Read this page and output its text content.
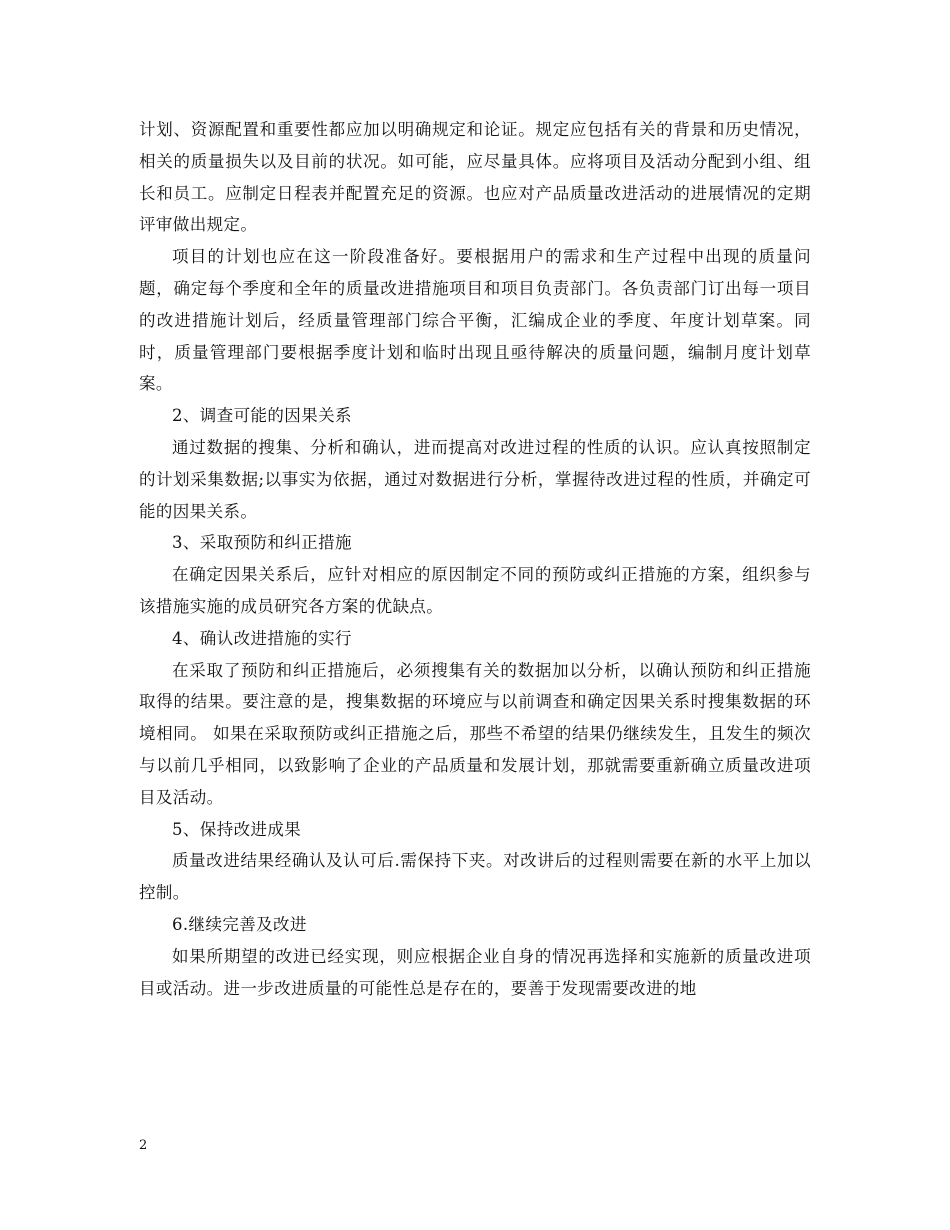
计划、资源配置和重要性都应加以明确规定和论证。规定应包括有关的背景和历史情况，相关的质量损失以及目前的状况。如可能，应尽量具体。应将项目及活动分配到小组、组长和员工。应制定日程表并配置充足的资源。也应对产品质量改进活动的进展情况的定期评审做出规定。

项目的计划也应在这一阶段准备好。要根据用户的需求和生产过程中出现的质量问题，确定每个季度和全年的质量改进措施项目和项目负责部门。各负责部门订出每一项目的改进措施计划后，经质量管理部门综合平衡，汇编成企业的季度、年度计划草案。同时，质量管理部门要根据季度计划和临时出现且亟待解决的质量问题，编制月度计划草案。

2、调查可能的因果关系

通过数据的搜集、分析和确认，进而提高对改进过程的性质的认识。应认真按照制定的计划采集数据;以事实为依据，通过对数据进行分析，掌握待改进过程的性质，并确定可能的因果关系。

3、采取预防和纠正措施

在确定因果关系后，应针对相应的原因制定不同的预防或纠正措施的方案，组织参与该措施实施的成员研究各方案的优缺点。

4、确认改进措施的实行

在采取了预防和纠正措施后，必须搜集有关的数据加以分析，以确认预防和纠正措施取得的结果。要注意的是，搜集数据的环境应与以前调查和确定因果关系时搜集数据的环境相同。 如果在采取预防或纠正措施之后，那些不希望的结果仍继续发生，且发生的频次与以前几乎相同，以致影响了企业的产品质量和发展计划，那就需要重新确立质量改进项目及活动。

5、保持改进成果

质量改进结果经确认及认可后.需保持下夹。对改讲后的过程则需要在新的水平上加以控制。

6.继续完善及改进

如果所期望的改进已经实现，则应根据企业自身的情况再选择和实施新的质量改进项目或活动。进一步改进质量的可能性总是存在的，要善于发现需要改进的地

2
